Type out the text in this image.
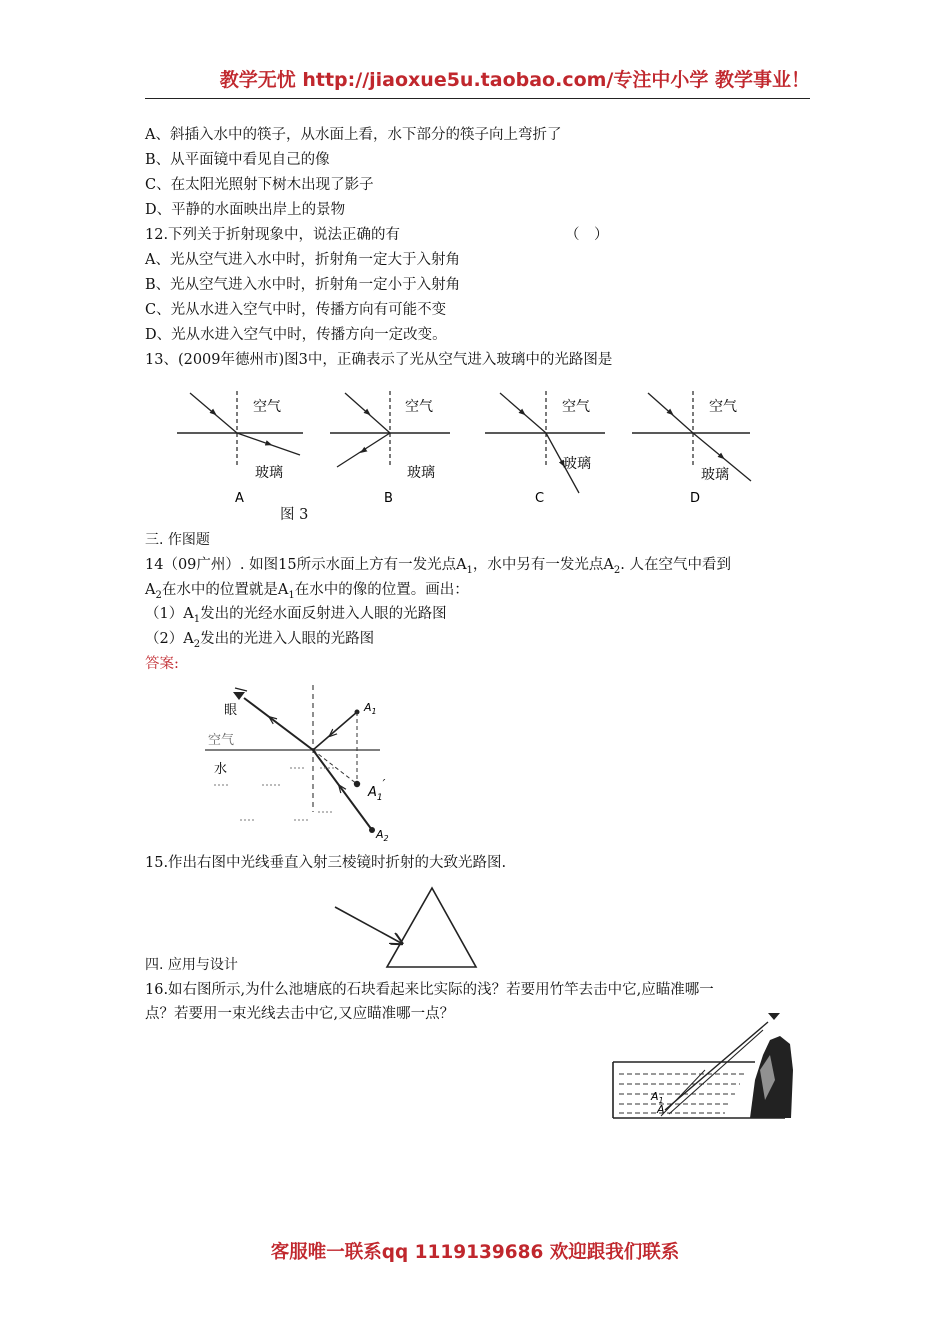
教学无忧 http://jiaoxue5u.taobao.com/专注中小学 教学事业！
A、斜插入水中的筷子，从水面上看，水下部分的筷子向上弯折了
B、从平面镜中看见自己的像
C、在太阳光照射下树木出现了影子
D、平静的水面映出岸上的景物
12.下列关于折射现象中，说法正确的有	（　）
A、光从空气进入水中时，折射角一定大于入射角
B、光从空气进入水中时，折射角一定小于入射角
C、光从水进入空气中时，传播方向有可能不变
D、光从水进入空气中时，传播方向一定改变。
13、(2009年德州市)图3中，正确表示了光从空气进入玻璃中的光路图是
空气
玻璃
A
空气
玻璃
B
空气
玻璃
C
空气
玻璃
D
图 3
三. 作图题
14（09广州）. 如图15所示水面上方有一发光点$A_1$，水中另有一发光点$A_2$. 人在空气中看到
$A_2$在水中的位置就是$A_1$在水中的像的位置。画出：
$(1)A_1$发出的光经水面反射进入人眼的光路图
$(2)A_2$发出的光进入人眼的光路图
答案:
眼
空气
水
$A_1$
$A_1'$
$A_2$
15.作出右图中光线垂直入射三棱镜时折射的大致光路图.
四. 应用与设计
16.如右图所示,为什么池塘底的石块看起来比实际的浅？若要用竹竿去击中它,应瞄准哪一
点？若要用一束光线去击中它,又应瞄准哪一点？
$A_1$
A
客服唯一联系qq 1119139686 欢迎跟我们联系
